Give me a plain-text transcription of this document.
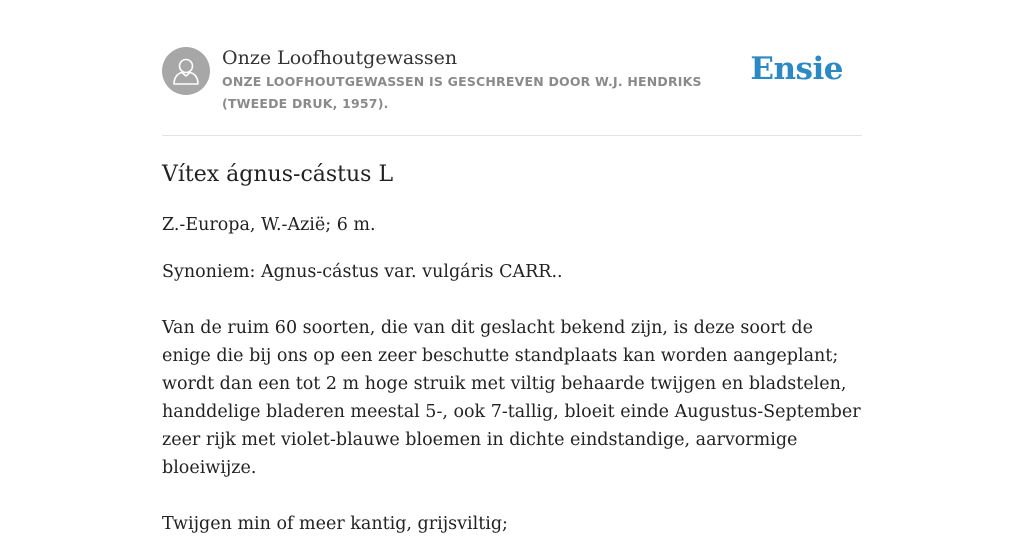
Onze Loofhoutgewassen
ONZE LOOFHOUTGEWASSEN IS GESCHREVEN DOOR W.J. HENDRIKS (TWEEDE DRUK, 1957).
Ensie
Vítex ágnus-cástus L

Z.-Europa, W.-Azië; 6 m.

Synoniem: Agnus-cástus var. vulgáris CARR..

Van de ruim 60 soorten, die van dit geslacht bekend zijn, is deze soort de enige die bij ons op een zeer beschutte standplaats kan worden aangeplant; wordt dan een tot 2 m hoge struik met viltig behaarde twijgen en bladstelen, handdelige bladeren meestal 5-, ook 7-tallig, bloeit einde Augustus-September zeer rijk met violet-blauwe bloemen in dichte eindstandige, aarvormige bloeiwijze.

Twijgen min of meer kantig, grijsviltig;
